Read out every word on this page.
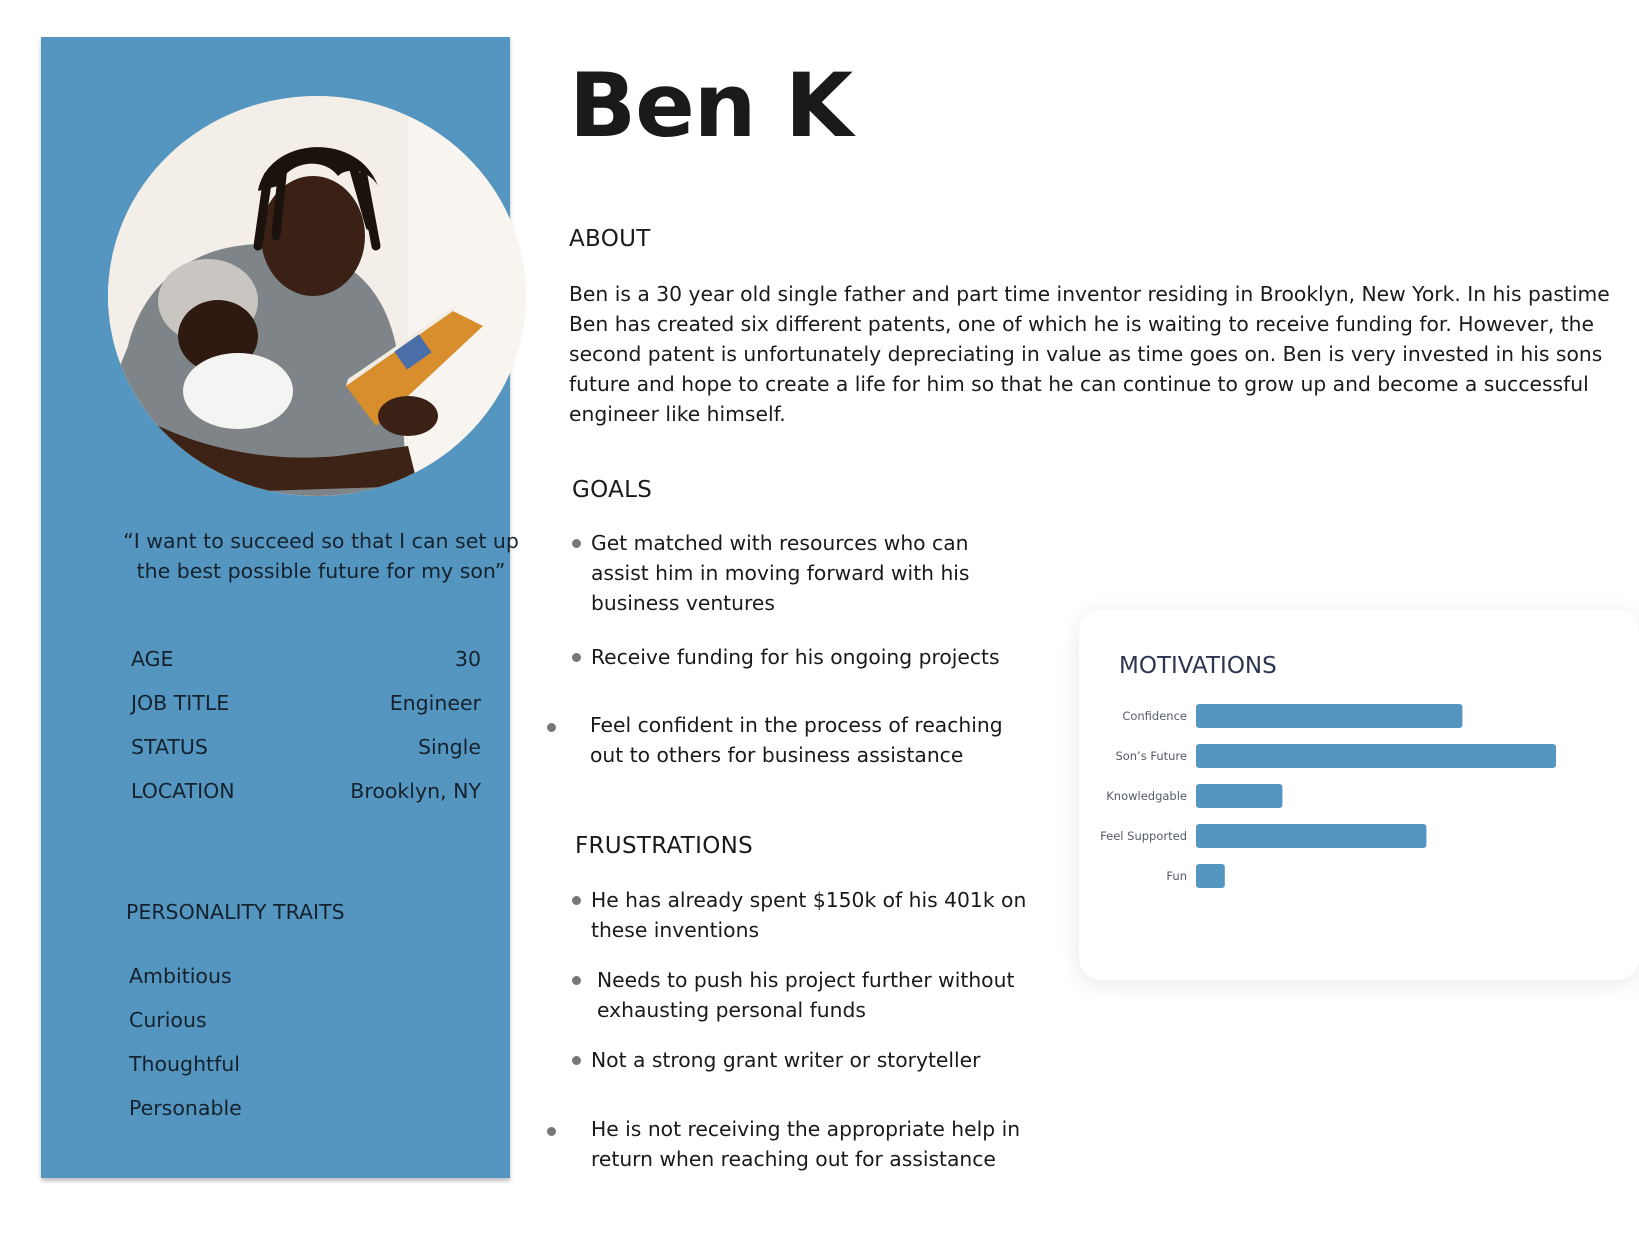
“I want to succeed so that I can set up the best possible future for my son”
AGE	30
JOB TITLE	Engineer
STATUS	Single
LOCATION	Brooklyn, NY
PERSONALITY TRAITS
Ambitious
Curious
Thoughtful
Personable
Ben K
ABOUT
Ben is a 30 year old single father and part time inventor residing in Brooklyn, New York. In his pastime Ben has created six different patents, one of which he is waiting to receive funding for. However, the second patent is unfortunately depreciating in value as time goes on. Ben is very invested in his sons future and hope to create a life for him so that he can continue to grow up and become a successful engineer like himself.
GOALS
Get matched with resources who can assist him in moving forward with his business ventures
Receive funding for his ongoing projects
Feel confident in the process of reaching out to others for business assistance
FRUSTRATIONS
He has already spent $150k of his 401k on these inventions
Needs to push his project further without exhausting personal funds
Not a strong grant writer or storyteller
He is not receiving the appropriate help in return when reaching out for assistance
MOTIVATIONS
Confidence
Son’s Future
Knowledgable
Feel Supported
Fun
